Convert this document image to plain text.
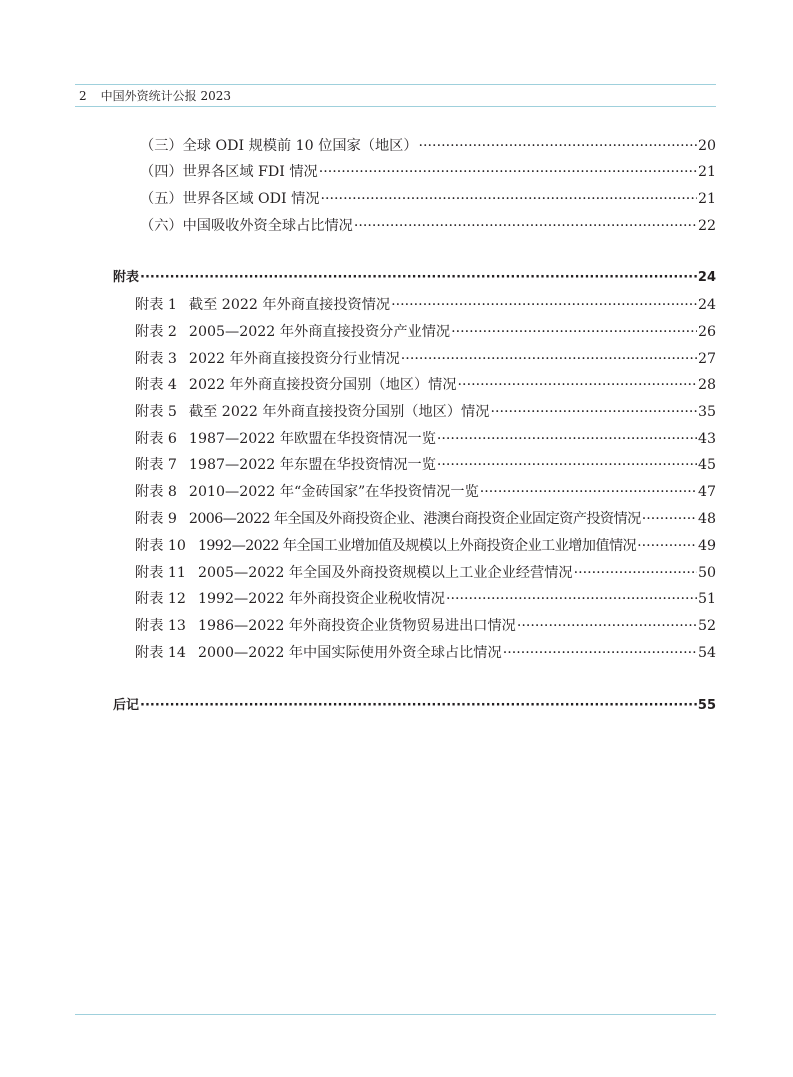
2 中国外资统计公报 2023
（三）全球 ODI 规模前 10 位国家（地区） ·····	20
（四）世界各区域 FDI 情况 ·····	21
（五）世界各区域 ODI 情况 ·····	21
（六）中国吸收外资全球占比情况 ·····	22
附表 ·····	24
附表 1 截至 2022 年外商直接投资情况 ·····	24
附表 2 2005—2022 年外商直接投资分产业情况 ·····	26
附表 3 2022 年外商直接投资分行业情况 ·····	27
附表 4 2022 年外商直接投资分国别（地区）情况 ·····	28
附表 5 截至 2022 年外商直接投资分国别（地区）情况 ·····	35
附表 6 1987—2022 年欧盟在华投资情况一览 ·····	43
附表 7 1987—2022 年东盟在华投资情况一览 ·····	45
附表 8 2010—2022 年“金砖国家”在华投资情况一览 ·····	47
附表 9 2006—2022 年全国及外商投资企业、港澳台商投资企业固定资产投资情况 ·····	48
附表 10 1992—2022 年全国工业增加值及规模以上外商投资企业工业增加值情况 ·····	49
附表 11 2005—2022 年全国及外商投资规模以上工业企业经营情况 ·····	50
附表 12 1992—2022 年外商投资企业税收情况 ·····	51
附表 13 1986—2022 年外商投资企业货物贸易进出口情况 ·····	52
附表 14 2000—2022 年中国实际使用外资全球占比情况 ·····	54
后记 ·····	55
